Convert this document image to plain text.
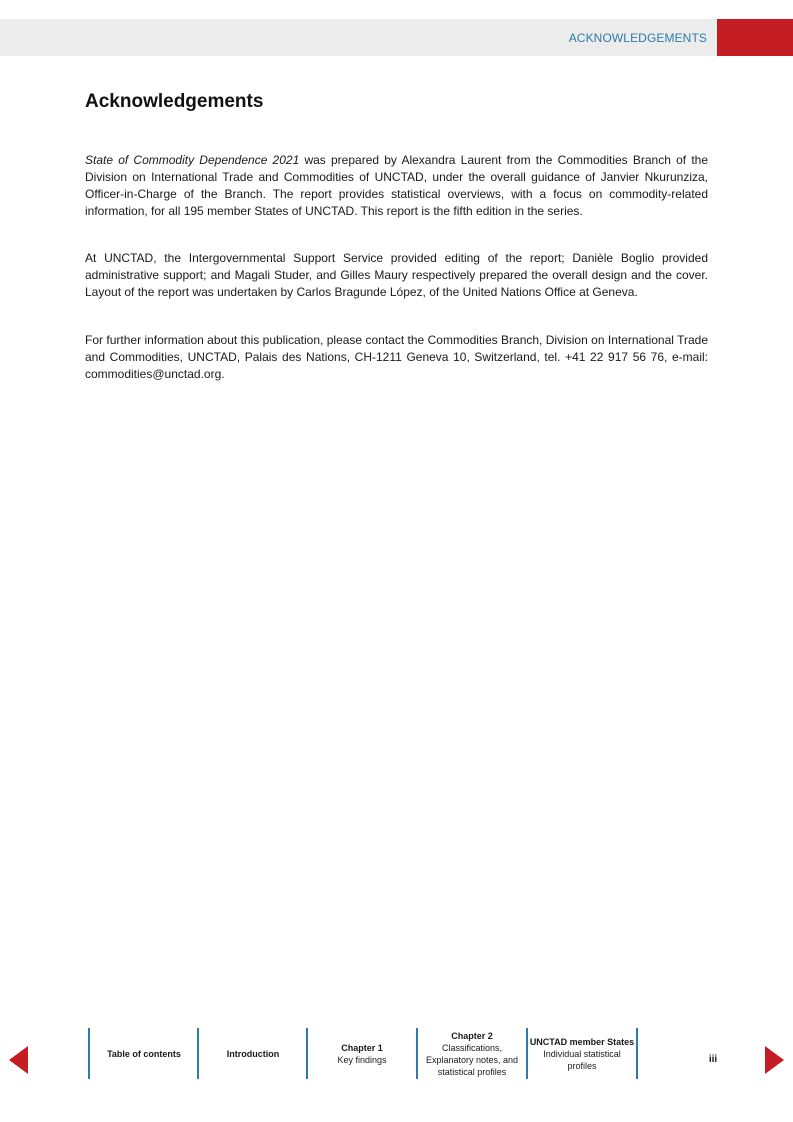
ACKNOWLEDGEMENTS
Acknowledgements

State of Commodity Dependence 2021 was prepared by Alexandra Laurent from the Commodities Branch of the Division on International Trade and Commodities of UNCTAD, under the overall guidance of Janvier Nkurunziza, Officer-in-Charge of the Branch. The report provides statistical overviews, with a focus on commodity-related information, for all 195 member States of UNCTAD. This report is the fifth edition in the series.

At UNCTAD, the Intergovernmental Support Service provided editing of the report; Danièle Boglio provided administrative support; and Magali Studer, and Gilles Maury respectively prepared the overall design and the cover. Layout of the report was undertaken by Carlos Bragunde López, of the United Nations Office at Geneva.

For further information about this publication, please contact the Commodities Branch, Division on International Trade and Commodities, UNCTAD, Palais des Nations, CH-1211 Geneva 10, Switzerland, tel. +41 22 917 56 76, e-mail: commodities@unctad.org.

Table of contents	Introduction
Chapter 1
Key findings
Chapter 2
Classifications, Explanatory notes, and statistical profiles
UNCTAD member States
Individual statistical profiles
iii
